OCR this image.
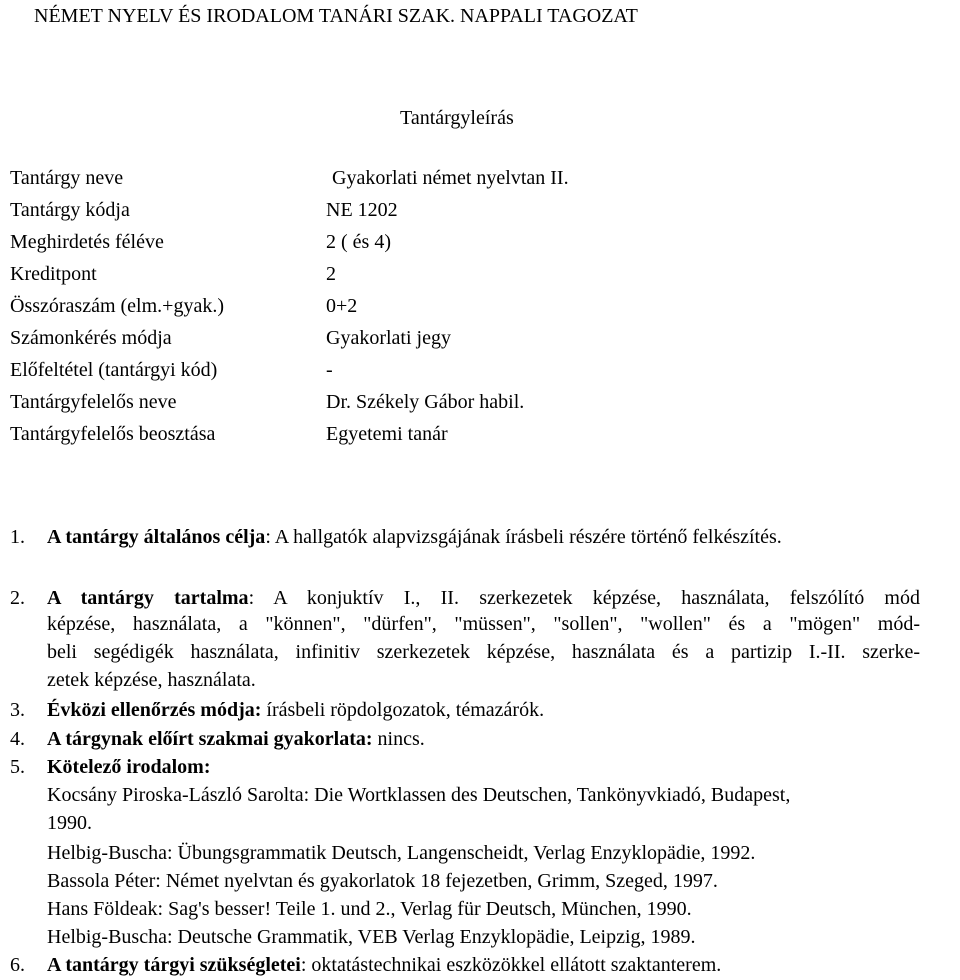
NÉMET NYELV ÉS IRODALOM TANÁRI SZAK. NAPPALI TAGOZAT
Tantárgyleírás
Tantárgy neve	Gyakorlati német nyelvtan II.
Tantárgy kódja	NE 1202
Meghirdetés féléve	2 ( és 4)
Kreditpont	2
Összóraszám (elm.+gyak.)	0+2
Számonkérés módja	Gyakorlati jegy
Előfeltétel (tantárgyi kód)	-
Tantárgyfelelős neve	Dr. Székely Gábor habil.
Tantárgyfelelős beosztása	Egyetemi tanár
1. A tantárgy általános célja: A hallgatók alapvizsgájának írásbeli részére történő felkészítés.
2.	A tantárgy tartalma: A konjuktív I., II. szerkezetek képzése, használata, felszólító mód
képzése, használata, a "können", "dürfen", "müssen", "sollen", "wollen" és a "mögen" mód-
beli segédigék használata, infinitiv szerkezetek képzése, használata és a partizip I.-II. szerke-
zetek képzése, használata.
3. Évközi ellenőrzés módja: írásbeli röpdolgozatok, témazárók.
4. A tárgynak előírt szakmai gyakorlata: nincs.
5. Kötelező irodalom:
Kocsány Piroska-László Sarolta: Die Wortklassen des Deutschen, Tankönyvkiadó, Budapest,
1990.
Helbig-Buscha: Übungsgrammatik Deutsch, Langenscheidt, Verlag Enzyklopädie, 1992.
Bassola Péter: Német nyelvtan és gyakorlatok 18 fejezetben, Grimm, Szeged, 1997.
Hans Földeak: Sag's besser! Teile 1. und 2., Verlag für Deutsch, München, 1990.
Helbig-Buscha: Deutsche Grammatik, VEB Verlag Enzyklopädie, Leipzig, 1989.
6. A tantárgy tárgyi szükségletei: oktatástechnikai eszközökkel ellátott szaktanterem.
